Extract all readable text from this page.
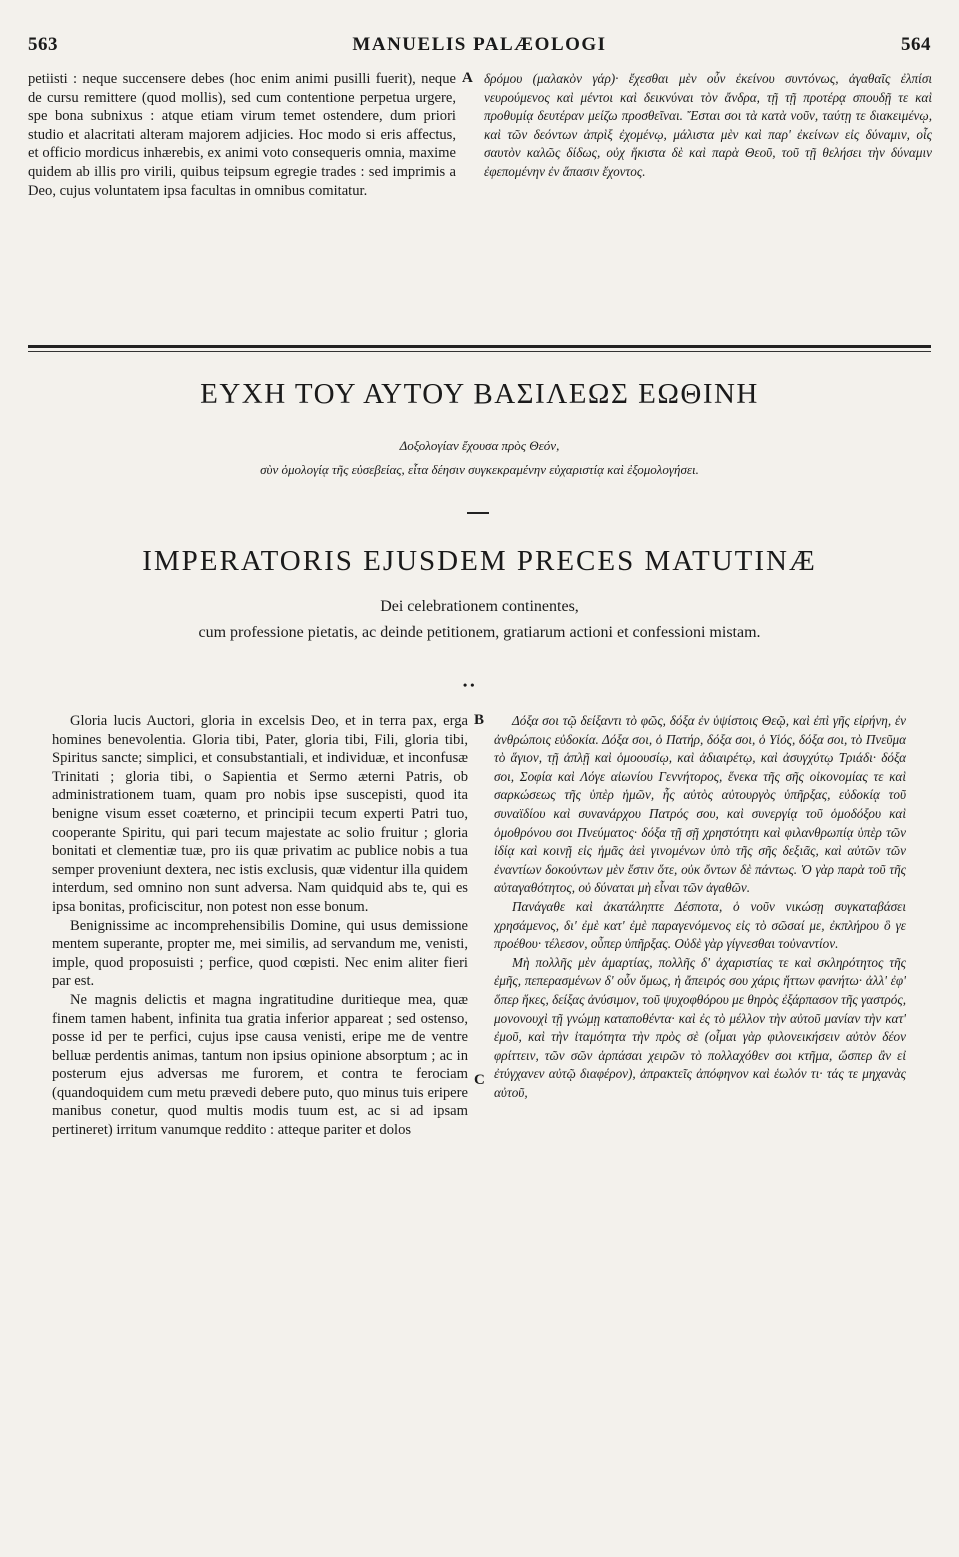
563	MANUELIS PALÆOLOGI	564

petiisti : neque succensere debes (hoc enim animi pusilli fuerit), neque de cursu remittere (quod mollis), sed cum contentione perpetua urgere, spe bona subnixus : atque etiam virum temet ostendere, dum priori studio et alacritati alteram majorem adjicies. Hoc modo si eris affectus, et officio mordicus inhærebis, ex animi voto consequeris omnia, maxime quidem ab illis pro virili, quibus teipsum egregie trades : sed imprimis a Deo, cujus voluntatem ipsa facultas in omnibus comitatur.

A δρόμου (μαλακὸν γάρ)· ἔχεσθαι μὲν οὖν ἐκείνου συντόνως, ἀγαθαῖς ἐλπίσι νευρούμενος καὶ μέντοι καὶ δεικνύναι τὸν ἄνδρα, τῇ τῇ προτέρᾳ σπουδῇ τε καὶ προθυμίᾳ δευτέραν μείζω προσθεῖναι. Ἔσται σοι τὰ κατὰ νοῦν, ταύτῃ τε διακειμένῳ, καὶ τῶν δεόντων ἀπρὶξ ἐχομένῳ, μάλιστα μὲν καὶ παρ' ἐκείνων εἰς δύναμιν, οἷς σαυτὸν καλῶς δίδως, οὐχ ἥκιστα δὲ καὶ παρὰ Θεοῦ, τοῦ τῇ θελήσει τὴν δύναμιν ἐφεπομένην ἐν ἅπασιν ἔχοντος.

ΕΥΧΗ ΤΟΥ ΑΥΤΟΥ ΒΑΣΙΛΕΩΣ ΕΩΘΙΝΗ
Δοξολογίαν ἔχουσα πρὸς Θεόν,
σὺν ὁμολογίᾳ τῆς εὐσεβείας, εἶτα δέησιν συγκεκραμένην εὐχαριστίᾳ καὶ ἐξομολογήσει.
IMPERATORIS EJUSDEM PRECES MATUTINÆ
Dei celebrationem continentes,
cum professione pietatis, ac deinde petitionem, gratiarum actioni et confessioni mistam.
• •

Gloria lucis Auctori, gloria in excelsis Deo, et in terra pax, erga homines benevolentia. Gloria tibi, Pater, gloria tibi, Fili, gloria tibi, Spiritus sancte; simplici, et consubstantiali, et individuæ, et inconfusæ Trinitati ; gloria tibi, o Sapientia et Sermo æterni Patris, ob administrationem tuam, quam pro nobis ipse suscepisti, quod ita benigne visum esset coæterno, et principii tecum experti Patri tuo, cooperante Spiritu, qui pari tecum majestate ac solio fruitur ; gloria bonitati et clementiæ tuæ, pro iis quæ privatim ac publice nobis a tua semper proveniunt dextera, nec istis exclusis, quæ videntur illa quidem interdum, sed omnino non sunt adversa. Nam quidquid abs te, qui es ipsa bonitas, proficiscitur, non potest non esse bonum.

Benignissime ac incomprehensibilis Domine, qui usus demissione mentem superante, propter me, mei similis, ad servandum me, venisti, imple, quod proposuisti ; perfice, quod cœpisti. Nec enim aliter fieri par est.

Ne magnis delictis et magna ingratitudine duritieque mea, quæ finem tamen habent, infinita tua gratia inferior appareat ; sed ostenso, posse id per te perfici, cujus ipse causa venisti, eripe me de ventre belluæ perdentis animas, tantum non ipsius opinione absorptum ; ac in posterum ejus adversas me furorem, et contra te ferociam (quandoquidem cum metu prævedi debere puto, quo minus tuis eripere manibus conetur, quod multis modis tuum est, ac si ad ipsam pertineret) irritum vanumque reddito : atteque pariter et dolos

B
C

Δόξα σοι τῷ δείξαντι τὸ φῶς, δόξα ἐν ὑψίστοις Θεῷ, καὶ ἐπὶ γῆς εἰρήνη, ἐν ἀνθρώποις εὐδοκία. Δόξα σοι, ὁ Πατήρ, δόξα σοι, ὁ Υἱός, δόξα σοι, τὸ Πνεῦμα τὸ ἅγιον, τῇ ἁπλῇ καὶ ὁμοουσίῳ, καὶ ἀδιαιρέτῳ, καὶ ἀσυγχύτῳ Τριάδι· δόξα σοι, Σοφία καὶ Λόγε αἰωνίου Γεννήτορος, ἕνεκα τῆς σῆς οἰκονομίας τε καὶ σαρκώσεως τῆς ὑπὲρ ἡμῶν, ἧς αὐτὸς αὐτουργὸς ὑπῆρξας, εὐδοκίᾳ τοῦ συναϊδίου καὶ συνανάρχου Πατρός σου, καὶ συνεργίᾳ τοῦ ὁμοδόξου καὶ ὁμοθρόνου σοι Πνεύματος· δόξα τῇ σῇ χρηστότητι καὶ φιλανθρωπίᾳ ὑπὲρ τῶν ἰδίᾳ καὶ κοινῇ εἰς ἡμᾶς ἀεὶ γινομένων ὑπὸ τῆς σῆς δεξιᾶς, καὶ αὐτῶν τῶν ἐναντίων δοκούντων μὲν ἔστιν ὅτε, οὐκ ὄντων δὲ πάντως. Ὁ γὰρ παρὰ τοῦ τῆς αὐταγαθότητος, οὐ δύναται μὴ εἶναι τῶν ἀγαθῶν.

Πανάγαθε καὶ ἀκατάληπτε Δέσποτα, ὁ νοῦν νικώσῃ συγκαταβάσει χρησάμενος, δι' ἐμὲ κατ' ἐμὲ παραγενόμενος εἰς τὸ σῶσαί με, ἐκπλήρου ὃ γε προέθου· τέλεσον, οὗπερ ὑπῆρξας. Οὐδὲ γὰρ γίγνεσθαι τοὐναντίον.

Μὴ πολλῆς μὲν ἁμαρτίας, πολλῆς δ' ἀχαριστίας τε καὶ σκληρότητος τῆς ἐμῆς, πεπερασμένων δ' οὖν ὅμως, ἡ ἄπειρός σου χάρις ἥττων φανήτω· ἀλλ' ἐφ' ὅπερ ἥκες, δείξας ἀνύσιμον, τοῦ ψυχοφθόρου με θηρὸς ἐξάρπασον τῆς γαστρός, μονονουχὶ τῇ γνώμῃ καταποθέντα· καὶ ἐς τὸ μέλλον τὴν αὐτοῦ μανίαν τὴν κατ' ἐμοῦ, καὶ τὴν ἰταμότητα τὴν πρὸς σὲ (οἶμαι γὰρ φιλονεικήσειν αὐτὸν δέον φρίττειν, τῶν σῶν ἁρπάσαι χειρῶν τὸ πολλαχόθεν σοι κτῆμα, ὥσπερ ἂν εἰ ἐτύγχανεν αὐτῷ διαφέρον), ἀπρακτεῖς ἀπόφηνον καὶ ἑωλόν τι· τάς τε μηχανὰς αὐτοῦ,
